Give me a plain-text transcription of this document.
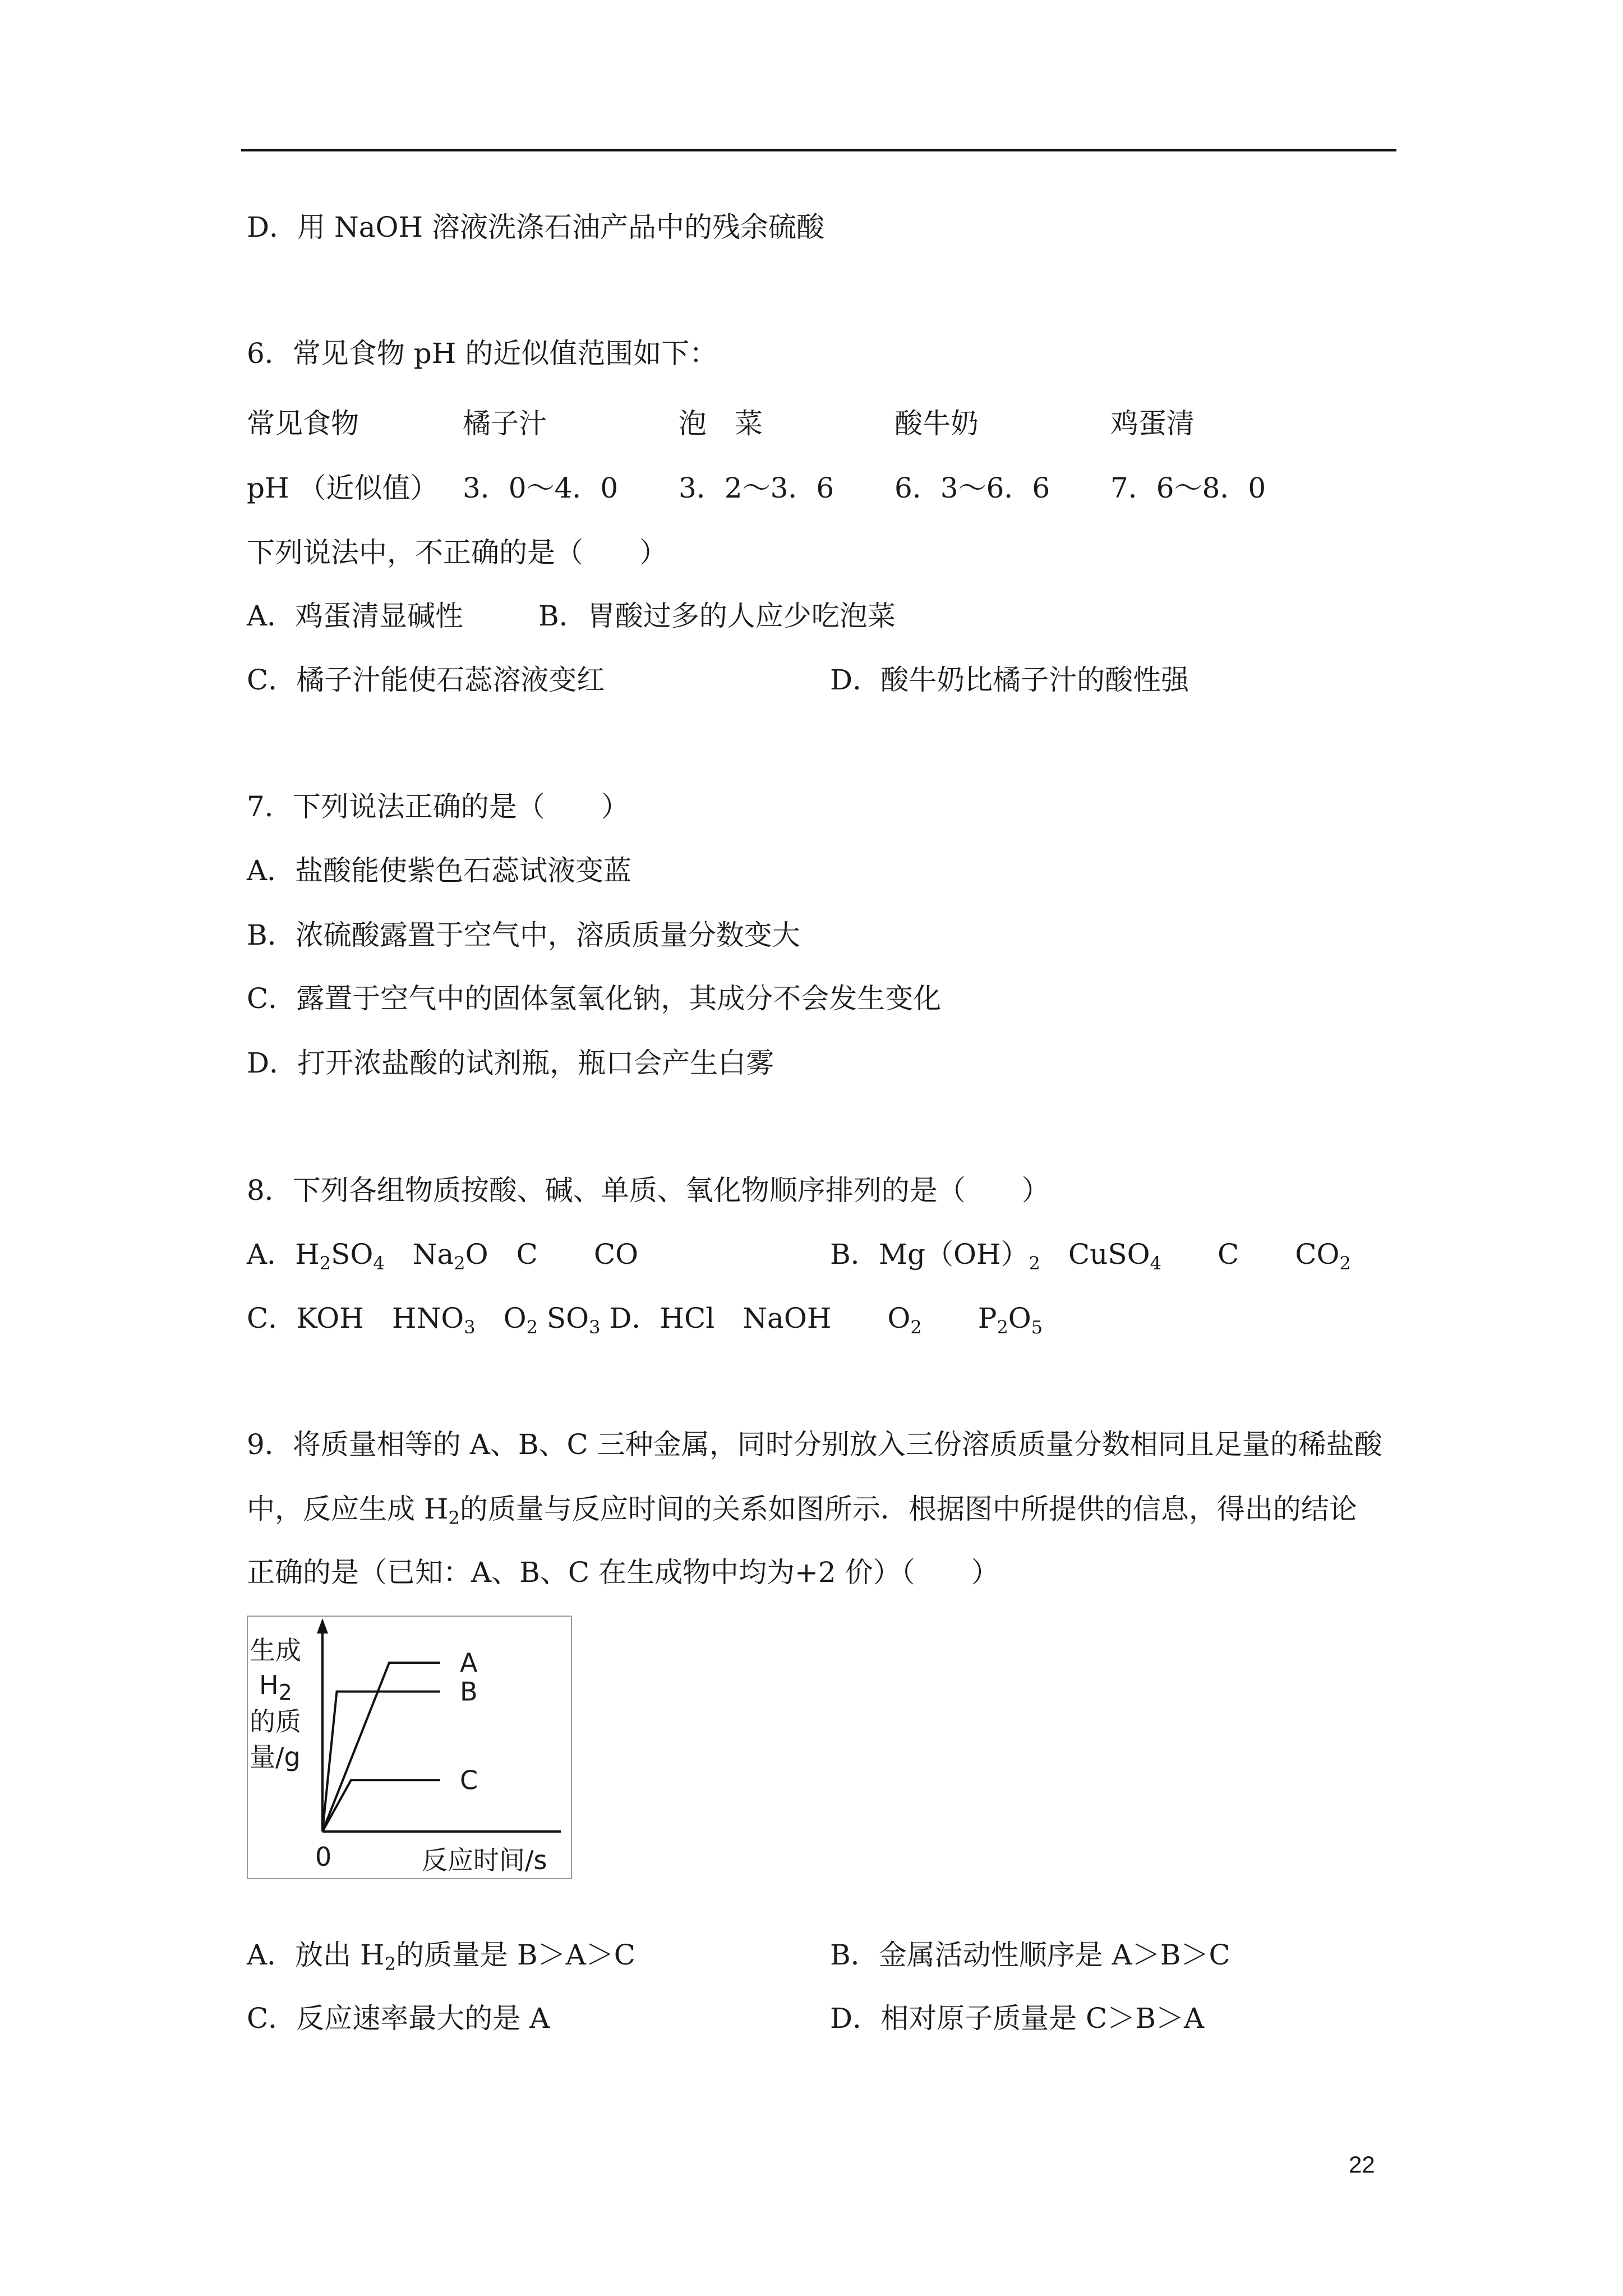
D．用 NaOH 溶液洗涤石油产品中的残余硫酸
6．常见食物 pH 的近似值范围如下：
常见食物	橘子汁	泡　菜	酸牛奶	鸡蛋清
pH （近似值） 3．0～4．0 3．2～3．6 6．3～6．6 7．6～8．0
下列说法中，不正确的是（　　）
A．鸡蛋清显碱性	B．胃酸过多的人应少吃泡菜
C．橘子汁能使石蕊溶液变红	D．酸牛奶比橘子汁的酸性强
7．下列说法正确的是（　　）
A．盐酸能使紫色石蕊试液变蓝
B．浓硫酸露置于空气中，溶质质量分数变大
C．露置于空气中的固体氢氧化钠，其成分不会发生变化
D．打开浓盐酸的试剂瓶，瓶口会产生白雾
8．下列各组物质按酸、碱、单质、氧化物顺序排列的是（　　）
A．$H_2SO_4$　$Na_2O$　C　　CO	B．$Mg(OH)_2$　CuSO$_4$　　C　　$CO_2$
C．KOH　$HNO_3$　$O_2$ $SO_3$ D．HCl　NaOH　　$O_2$　　$P_2O_5$
9．将质量相等的 A、B、C 三种金属，同时分别放入三份溶质质量分数相同且足量的稀盐酸
中，反应生成 $H_2$的质量与反应时间的关系如图所示．根据图中所提供的信息，得出的结论
正确的是（已知：A、B、C 在生成物中均为+2 价）（　　）
生成
$H_2$
的质
量/g
0	反应时间/s
A
B
C
A．放出 $H_2$的质量是 B＞A＞C	B．金属活动性顺序是 A＞B＞C
C．反应速率最大的是 A	D．相对原子质量是 C＞B＞A
22
